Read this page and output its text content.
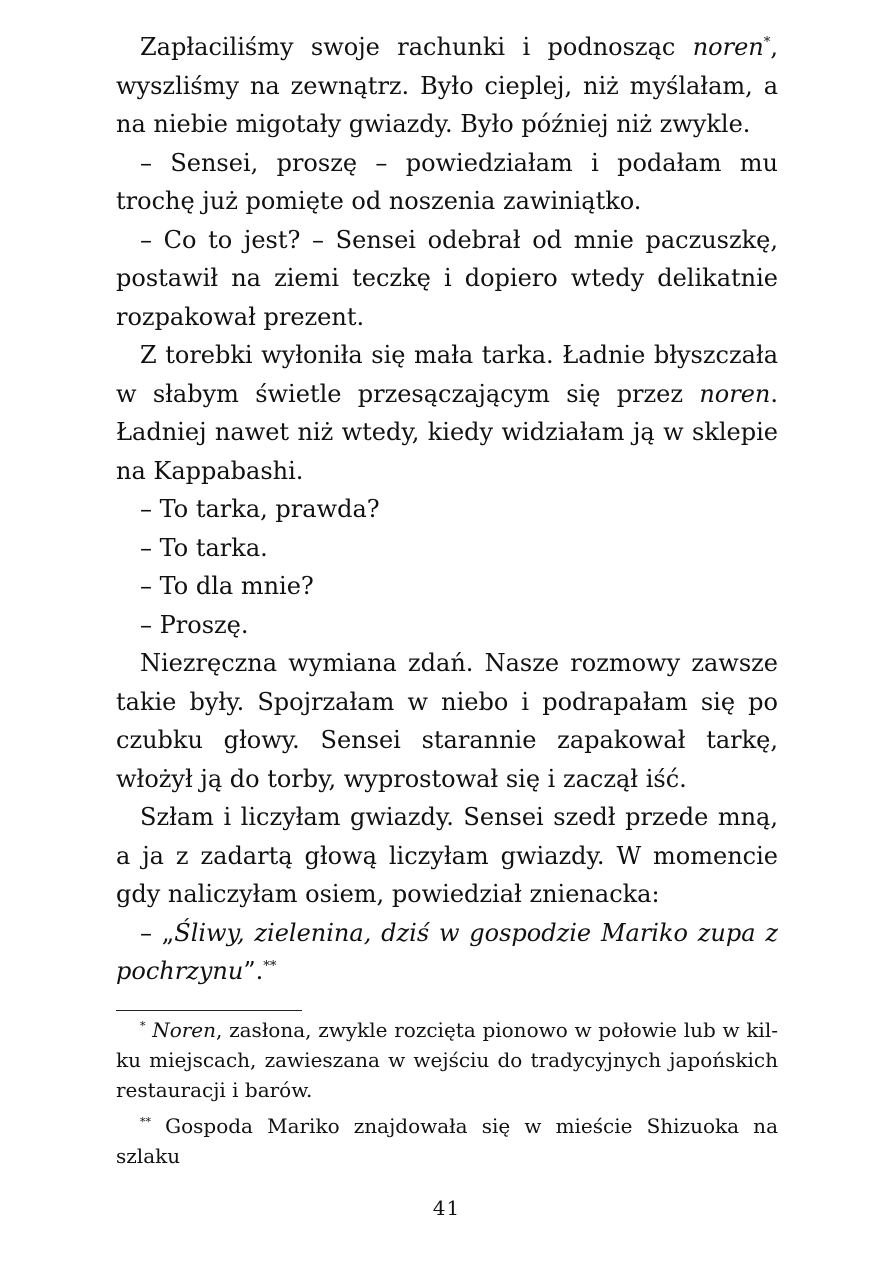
Zapłaciliśmy swoje rachunki i podnosząc noren*, wyszliśmy na zewnątrz. Było cieplej, niż myślałam, a na niebie migotały gwiazdy. Było później niż zwykle.

– Sensei, proszę – powiedziałam i podałam mu trochę już pomięte od noszenia zawiniątko.

– Co to jest? – Sensei odebrał od mnie paczuszkę, postawił na ziemi teczkę i dopiero wtedy delikatnie rozpakował prezent.

Z torebki wyłoniła się mała tarka. Ładnie błyszczała w słabym świetle przesączającym się przez noren. Ładniej nawet niż wtedy, kiedy widziałam ją w sklepie na Kappabashi.

– To tarka, prawda?

– To tarka.

– To dla mnie?

– Proszę.

Niezręczna wymiana zdań. Nasze rozmowy zawsze takie były. Spojrzałam w niebo i podrapałam się po czubku głowy. Sensei starannie zapakował tarkę, włożył ją do torby, wyprostował się i zaczął iść.

Szłam i liczyłam gwiazdy. Sensei szedł przede mną, a ja z zadartą głową liczyłam gwiazdy. W momencie gdy naliczyłam osiem, powiedział znienacka:

– „Śliwy, zielenina, dziś w gospodzie Mariko zupa z pochrzynu”.**

* Noren, zasłona, zwykle rozcięta pionowo w połowie lub w kilku miejscach, zawieszana w wejściu do tradycyjnych japońskich restauracji i barów.

** Gospoda Mariko znajdowała się w mieście Shizuoka na szlaku

41
